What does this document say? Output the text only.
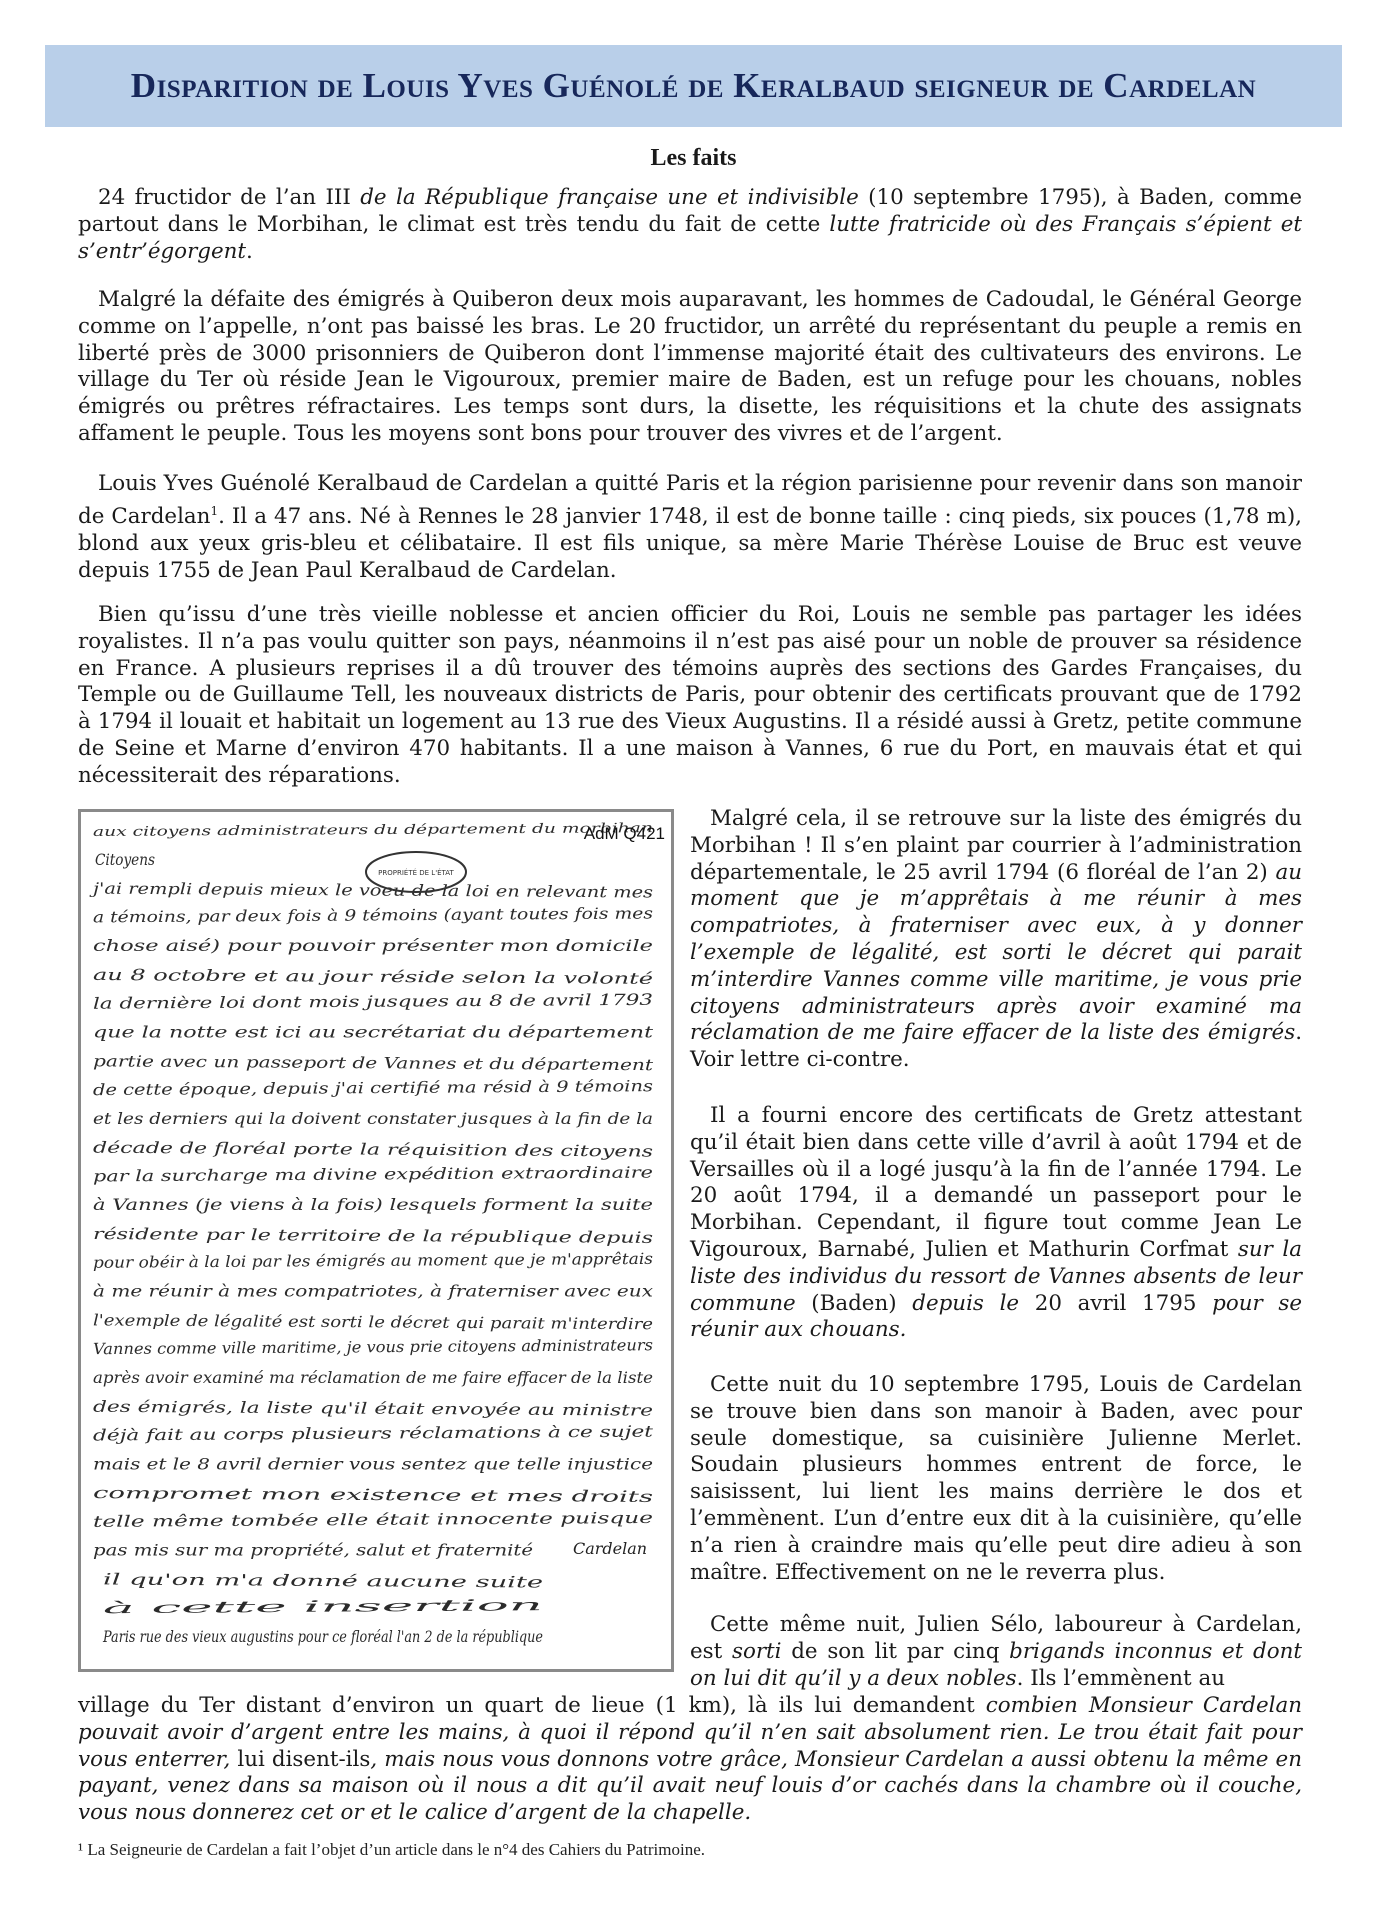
Disparition de Louis Yves Guénolé de Keralbaud seigneur de Cardelan
Les faits

24 fructidor de l’an III de la République française une et indivisible (10 septembre 1795), à Baden, comme partout dans le Morbihan, le climat est très tendu du fait de cette lutte fratricide où des Français s’épient et s’entr’égorgent.

Malgré la défaite des émigrés à Quiberon deux mois auparavant, les hommes de Cadoudal, le Général George comme on l’appelle, n’ont pas baissé les bras. Le 20 fructidor, un arrêté du représentant du peuple a remis en liberté près de 3000 prisonniers de Quiberon dont l’immense majorité était des cultivateurs des environs. Le village du Ter où réside Jean le Vigouroux, premier maire de Baden, est un refuge pour les chouans, nobles émigrés ou prêtres réfractaires. Les temps sont durs, la disette, les réquisitions et la chute des assignats affament le peuple. Tous les moyens sont bons pour trouver des vivres et de l’argent.

Louis Yves Guénolé Keralbaud de Cardelan a quitté Paris et la région parisienne pour revenir dans son manoir de Cardelan$^1$. Il a 47 ans. Né à Rennes le 28 janvier 1748, il est de bonne taille : cinq pieds, six pouces (1,78 m), blond aux yeux gris-bleu et célibataire. Il est fils unique, sa mère Marie Thérèse Louise de Bruc est veuve depuis 1755 de Jean Paul Keralbaud de Cardelan.

Bien qu’issu d’une très vieille noblesse et ancien officier du Roi, Louis ne semble pas partager les idées royalistes. Il n’a pas voulu quitter son pays, néanmoins il n’est pas aisé pour un noble de prouver sa résidence en France. A plusieurs reprises il a dû trouver des témoins auprès des sections des Gardes Françaises, du Temple ou de Guillaume Tell, les nouveaux districts de Paris, pour obtenir des certificats prouvant que de 1792 à 1794 il louait et habitait un logement au 13 rue des Vieux Augustins. Il a résidé aussi à Gretz, petite commune de Seine et Marne d’environ 470 habitants. Il a une maison à Vannes, 6 rue du Port, en mauvais état et qui nécessiterait des réparations.

aux citoyens administrateurs du département du morbihan
Citoyens
j'ai rempli depuis mieux le voeu de la loi en relevant mes
a témoins, par deux fois à 9 témoins (ayant toutes fois mes
chose aisé) pour pouvoir présenter mon domicile
au 8 octobre et au jour réside selon la volonté
la dernière loi dont mois jusques au 8 de avril 1793
que la notte est ici au secrétariat du département
partie avec un passeport de Vannes et du département
de cette époque, depuis j'ai certifié ma résid à 9 témoins
et les derniers qui la doivent constater jusques à la fin de la
décade de floréal porte la réquisition des citoyens
par la surcharge ma divine expédition extraordinaire
à Vannes (je viens à la fois) lesquels forment la suite
résidente par le territoire de la république depuis
pour obéir à la loi par les émigrés au moment que je m'apprêtais
à me réunir à mes compatriotes, à fraterniser avec eux
l'exemple de légalité est sorti le décret qui parait m'interdire
Vannes comme ville maritime, je vous prie citoyens administrateurs
après avoir examiné ma réclamation de me faire effacer de la liste
des émigrés, la liste qu'il était envoyée au ministre
déjà fait au corps plusieurs réclamations à ce sujet
mais et le 8 avril dernier vous sentez que telle injustice
compromet mon existence et mes droits
telle même tombée elle était innocente puisque
pas mis sur ma propriété, salut et fraternité
il qu'on m'a donné aucune suite
à cette insertion
Paris rue des vieux augustins pour ce floréal l'an 2 de la république
PROPRIÉTÉ DE L'ÉTAT
Cardelan
AdM Q421

Malgré cela, il se retrouve sur la liste des émigrés du Morbihan ! Il s’en plaint par courrier à l’administration départementale, le 25 avril 1794 (6 floréal de l’an 2) au moment que je m’apprêtais à me réunir à mes compatriotes, à fraterniser avec eux, à y donner l’exemple de légalité, est sorti le décret qui parait m’interdire Vannes comme ville maritime, je vous prie citoyens administrateurs après avoir examiné ma réclamation de me faire effacer de la liste des émigrés. Voir lettre ci-contre.

Il a fourni encore des certificats de Gretz attestant qu’il était bien dans cette ville d’avril à août 1794 et de Versailles où il a logé jusqu’à la fin de l’année 1794. Le 20 août 1794, il a demandé un passeport pour le Morbihan. Cependant, il figure tout comme Jean Le Vigouroux, Barnabé, Julien et Mathurin Corfmat sur la liste des individus du ressort de Vannes absents de leur commune (Baden) depuis le 20 avril 1795 pour se réunir aux chouans.

Cette nuit du 10 septembre 1795, Louis de Cardelan se trouve bien dans son manoir à Baden, avec pour seule domestique, sa cuisinière Julienne Merlet. Soudain plusieurs hommes entrent de force, le saisissent, lui lient les mains derrière le dos et l’emmènent. L’un d’entre eux dit à la cuisinière, qu’elle n’a rien à craindre mais qu’elle peut dire adieu à son maître. Effectivement on ne le reverra plus.

Cette même nuit, Julien Sélo, laboureur à Cardelan, est sorti de son lit par cinq brigands inconnus et dont on lui dit qu’il y a deux nobles. Ils l’emmènent au

village du Ter distant d’environ un quart de lieue (1 km), là ils lui demandent combien Monsieur Cardelan pouvait avoir d’argent entre les mains, à quoi il répond qu’il n’en sait absolument rien. Le trou était fait pour vous enterrer, lui disent-ils, mais nous vous donnons votre grâce, Monsieur Cardelan a aussi obtenu la même en payant, venez dans sa maison où il nous a dit qu’il avait neuf louis d’or cachés dans la chambre où il couche, vous nous donnerez cet or et le calice d’argent de la chapelle.

¹ La Seigneurie de Cardelan a fait l’objet d’un article dans le n°4 des Cahiers du Patrimoine.
